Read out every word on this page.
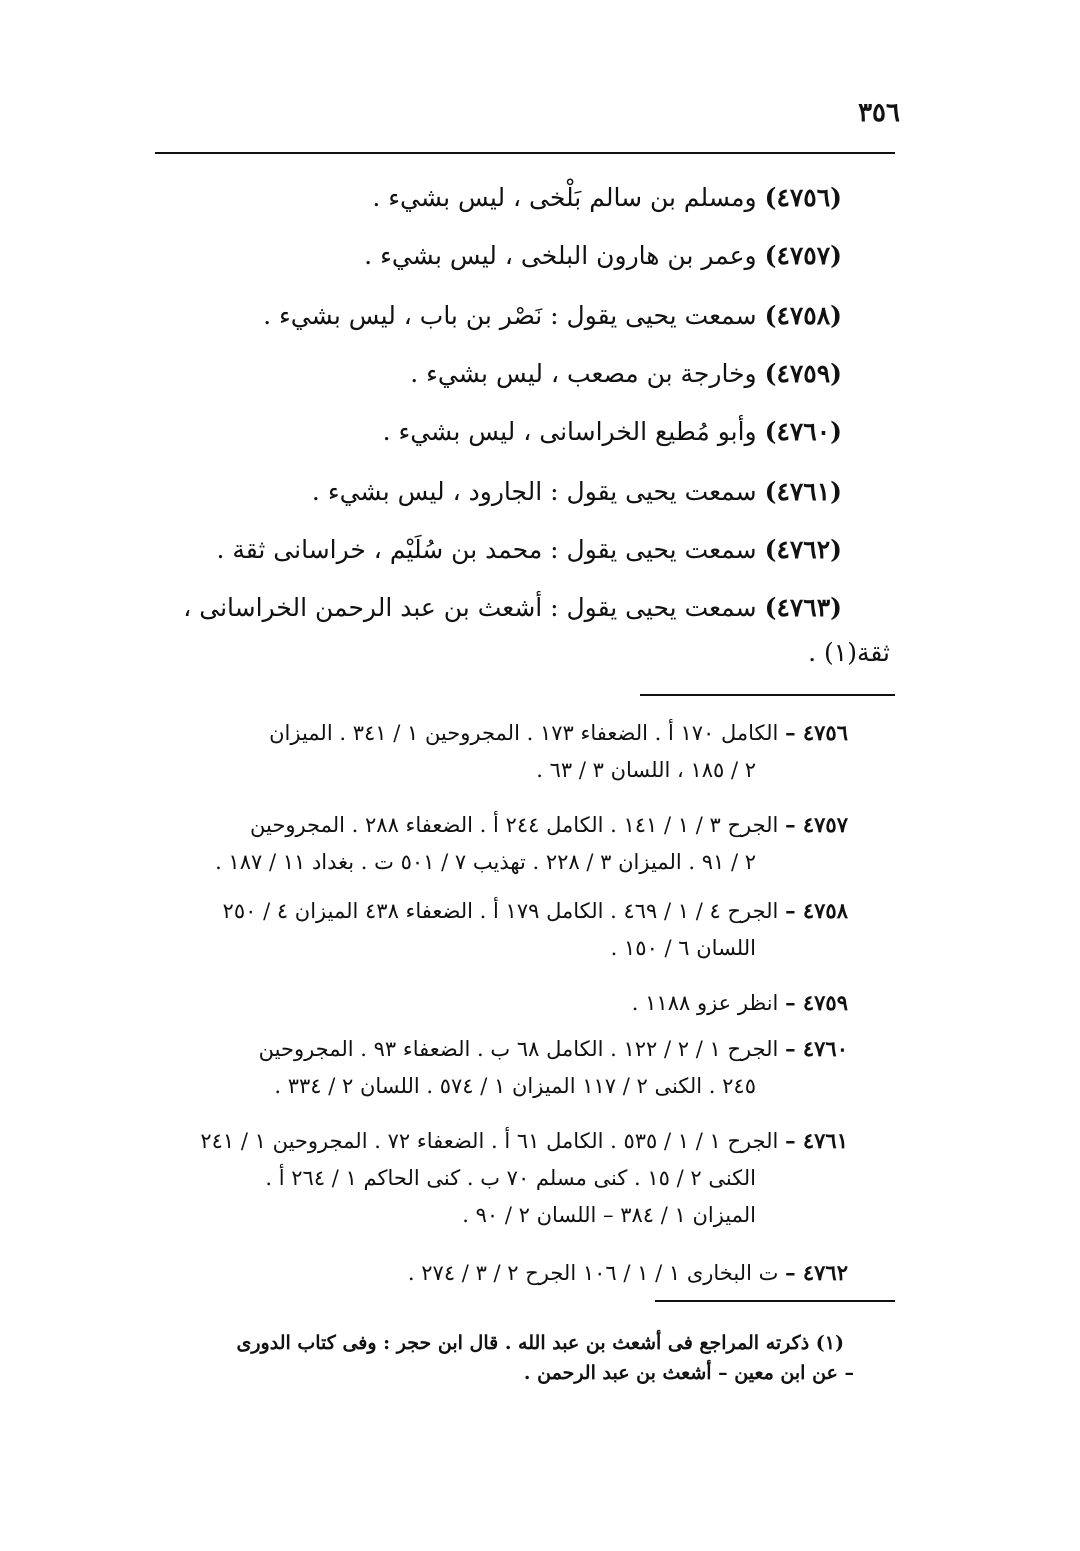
٣٥٦
(٤٧٥٦)ومسلم بن سالم بَلْخى ، ليس بشيء .
(٤٧٥٧)وعمر بن هارون البلخى ، ليس بشيء .
(٤٧٥٨)سمعت يحيى يقول : نَصْر بن باب ، ليس بشيء .
(٤٧٥٩)وخارجة بن مصعب ، ليس بشيء .
(٤٧٦٠)وأبو مُطيع الخراسانى ، ليس بشيء .
(٤٧٦١)سمعت يحيى يقول : الجارود ، ليس بشيء .
(٤٧٦٢)سمعت يحيى يقول : محمد بن سُلَيْم ، خراسانى ثقة .
(٤٧٦٣)سمعت يحيى يقول : أشعث بن عبد الرحمن الخراسانى ،
ثقة(١) .
٤٧٥٦ – الكامل ١٧٠ أ . الضعفاء ١٧٣ . المجروحين ١ / ٣٤١ . الميزان
٢ / ١٨٥ ، اللسان ٣ / ٦٣ .
٤٧٥٧ – الجرح ٣ / ١ / ١٤١ . الكامل ٢٤٤ أ . الضعفاء ٢٨٨ . المجروحين
٢ / ٩١ . الميزان ٣ / ٢٢٨ . تهذيب ٧ / ٥٠١ ت . بغداد ١١ / ١٨٧ .
٤٧٥٨ – الجرح ٤ / ١ / ٤٦٩ . الكامل ١٧٩ أ . الضعفاء ٤٣٨ الميزان ٤ / ٢٥٠
اللسان ٦ / ١٥٠ .
٤٧٥٩ – انظر عزو ١١٨٨ .
٤٧٦٠ – الجرح ١ / ٢ / ١٢٢ . الكامل ٦٨ ب . الضعفاء ٩٣ . المجروحين
٢٤٥ . الكنى ٢ / ١١٧ الميزان ١ / ٥٧٤ . اللسان ٢ / ٣٣٤ .
٤٧٦١ – الجرح ١ / ١ / ٥٣٥ . الكامل ٦١ أ . الضعفاء ٧٢ . المجروحين ١ / ٢٤١
الكنى ٢ / ١٥ . كنى مسلم ٧٠ ب . كنى الحاكم ١ / ٢٦٤ أ .
الميزان ١ / ٣٨٤ – اللسان ٢ / ٩٠ .
٤٧٦٢ – ت البخارى ١ / ١ / ١٠٦ الجرح ٢ / ٣ / ٢٧٤ .
(١) ذكرته المراجع فى أشعث بن عبد الله . قال ابن حجر : وفى كتاب الدورى
– عن ابن معين – أشعث بن عبد الرحمن .
